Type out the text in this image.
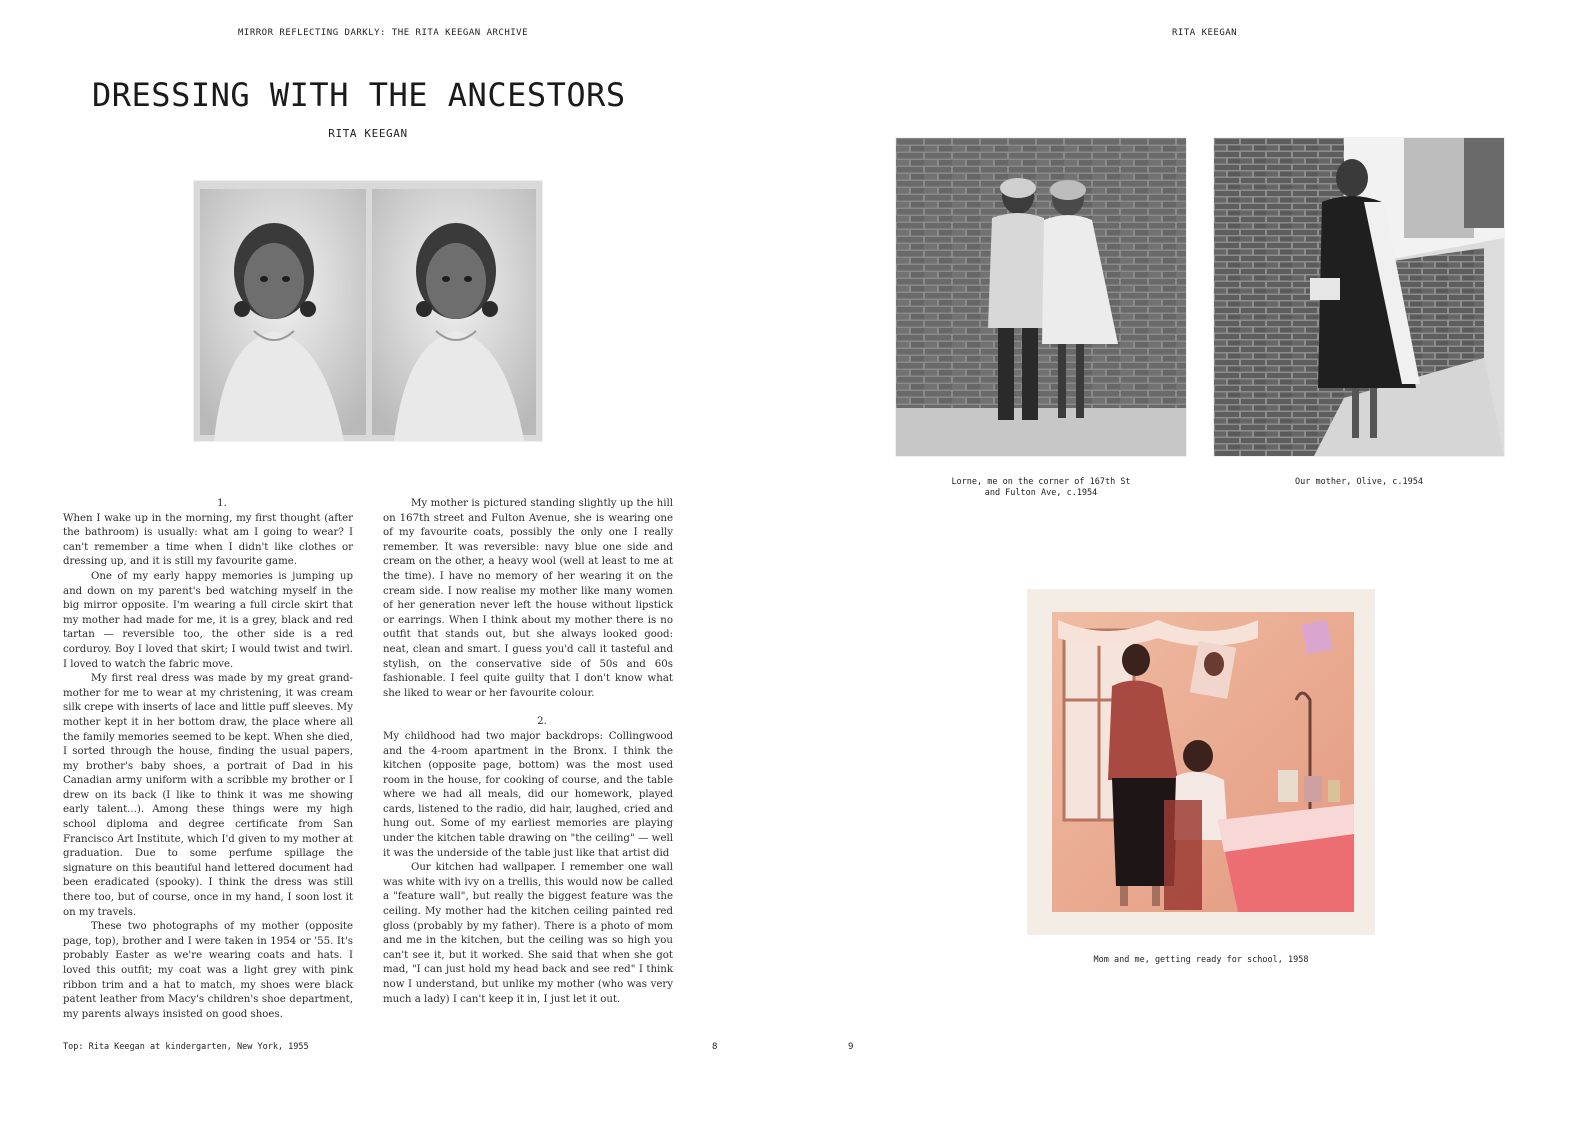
MIRROR REFLECTING DARKLY: THE RITA KEEGAN ARCHIVE
DRESSING WITH THE ANCESTORS
RITA KEEGAN

1.

When I wake up in the morning, my first thought (after the bathroom) is usually: what am I going to wear? I can't remember a time when I didn't like clothes or dressing up, and it is still my favourite game.

One of my early happy memories is jumping up and down on my parent's bed watching myself in the big mirror opposite. I'm wearing a full circle skirt that my mother had made for me, it is a grey, black and red tartan — reversible too, the other side is a red corduroy. Boy I loved that skirt; I would twist and twirl. I loved to watch the fabric move.

My first real dress was made by my great grand-mother for me to wear at my christening, it was cream silk crepe with inserts of lace and little puff sleeves. My mother kept it in her bottom draw, the place where all the family memories seemed to be kept. When she died, I sorted through the house, finding the usual papers, my brother's baby shoes, a portrait of Dad in his Canadian army uniform with a scribble my brother or I drew on its back (I like to think it was me showing early talent...). Among these things were my high school diploma and degree certificate from San Francisco Art Institute, which I'd given to my mother at graduation. Due to some perfume spillage the signature on this beautiful hand lettered document had been eradicated (spooky). I think the dress was still there too, but of course, once in my hand, I soon lost it on my travels.

These two photographs of my mother (opposite page, top), brother and I were taken in 1954 or '55. It's probably Easter as we're wearing coats and hats. I loved this outfit; my coat was a light grey with pink ribbon trim and a hat to match, my shoes were black patent leather from Macy's children's shoe department, my parents always insisted on good shoes.

My mother is pictured standing slightly up the hill on 167th street and Fulton Avenue, she is wearing one of my favourite coats, possibly the only one I really remember. It was reversible: navy blue one side and cream on the other, a heavy wool (well at least to me at the time). I have no memory of her wearing it on the cream side. I now realise my mother like many women of her generation never left the house without lipstick or earrings. When I think about my mother there is no outfit that stands out, but she always looked good: neat, clean and smart. I guess you'd call it tasteful and stylish, on the conservative side of 50s and 60s fashionable. I feel quite guilty that I don't know what she liked to wear or her favourite colour.

2.

My childhood had two major backdrops: Collingwood and the 4-room apartment in the Bronx. I think the kitchen (opposite page, bottom) was the most used room in the house, for cooking of course, and the table where we had all meals, did our homework, played cards, listened to the radio, did hair, laughed, cried and hung out. Some of my earliest memories are playing under the kitchen table drawing on "the ceiling" — well it was the underside of the table just like that artist did

Our kitchen had wallpaper. I remember one wall was white with ivy on a trellis, this would now be called a "feature wall", but really the biggest feature was the ceiling. My mother had the kitchen ceiling painted red gloss (probably by my father). There is a photo of mom and me in the kitchen, but the ceiling was so high you can't see it, but it worked. She said that when she got mad, "I can just hold my head back and see red" I think now I understand, but unlike my mother (who was very much a lady) I can't keep it in, I just let it out.

Top: Rita Keegan at kindergarten, New York, 1955	8
RITA KEEGAN
Lorne, me on the corner of 167th St and Fulton Ave, c.1954
Our mother, Olive, c.1954
Mom and me, getting ready for school, 1958
9
